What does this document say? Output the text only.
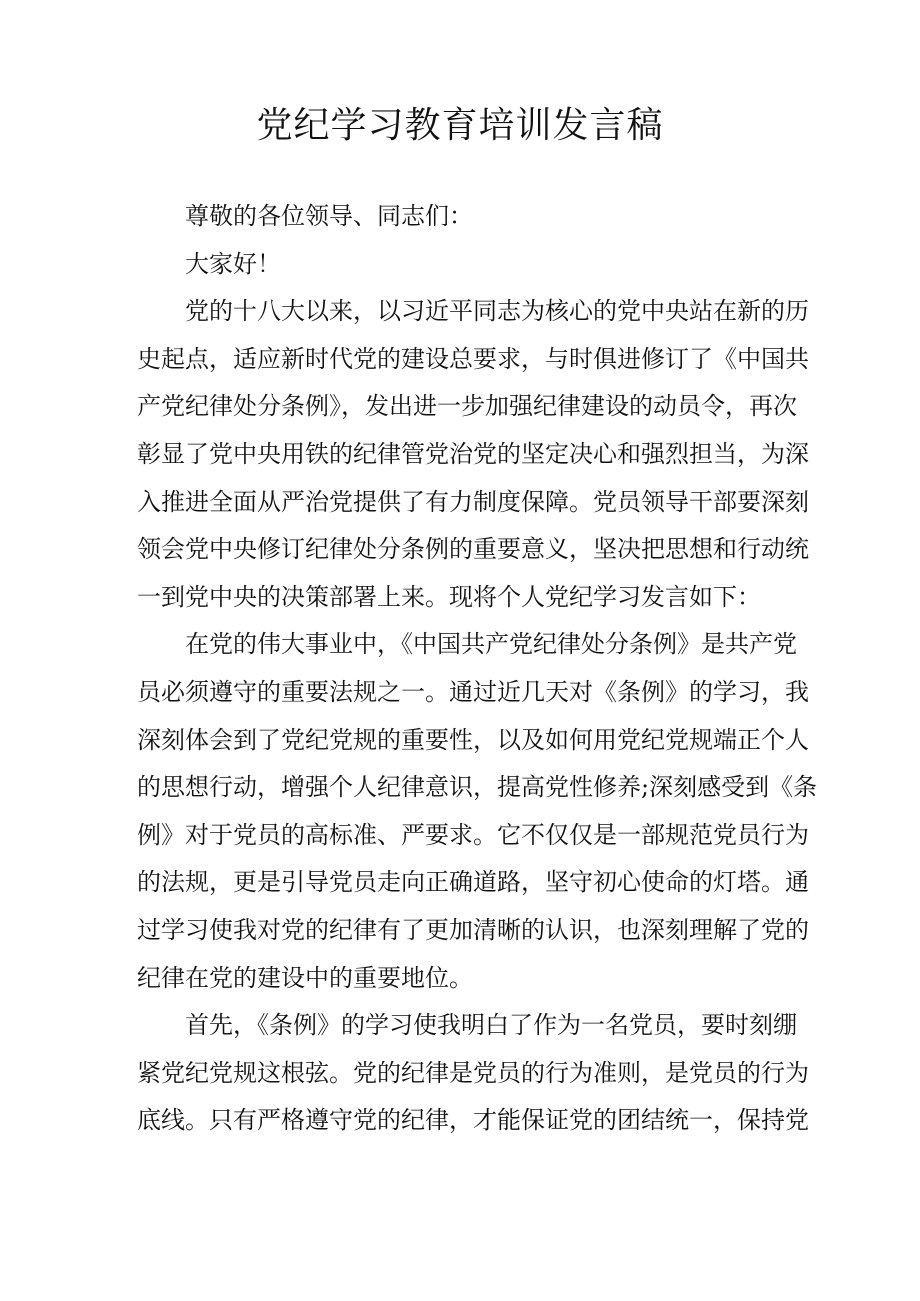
党纪学习教育培训发言稿
尊敬的各位领导、同志们：
大家好！
党的十八大以来，以习近平同志为核心的党中央站在新的历
史起点，适应新时代党的建设总要求，与时俱进修订了《中国共
产党纪律处分条例》，发出进一步加强纪律建设的动员令，再次
彰显了党中央用铁的纪律管党治党的坚定决心和强烈担当，为深
入推进全面从严治党提供了有力制度保障。党员领导干部要深刻
领会党中央修订纪律处分条例的重要意义，坚决把思想和行动统
一到党中央的决策部署上来。现将个人党纪学习发言如下：
在党的伟大事业中，《中国共产党纪律处分条例》是共产党
员必须遵守的重要法规之一。通过近几天对《条例》的学习，我
深刻体会到了党纪党规的重要性，以及如何用党纪党规端正个人
的思想行动，增强个人纪律意识，提高党性修养;深刻感受到《条
例》对于党员的高标准、严要求。它不仅仅是一部规范党员行为
的法规，更是引导党员走向正确道路，坚守初心使命的灯塔。通
过学习使我对党的纪律有了更加清晰的认识，也深刻理解了党的
纪律在党的建设中的重要地位。
首先，《条例》的学习使我明白了作为一名党员，要时刻绷
紧党纪党规这根弦。党的纪律是党员的行为准则，是党员的行为
底线。只有严格遵守党的纪律，才能保证党的团结统一，保持党
